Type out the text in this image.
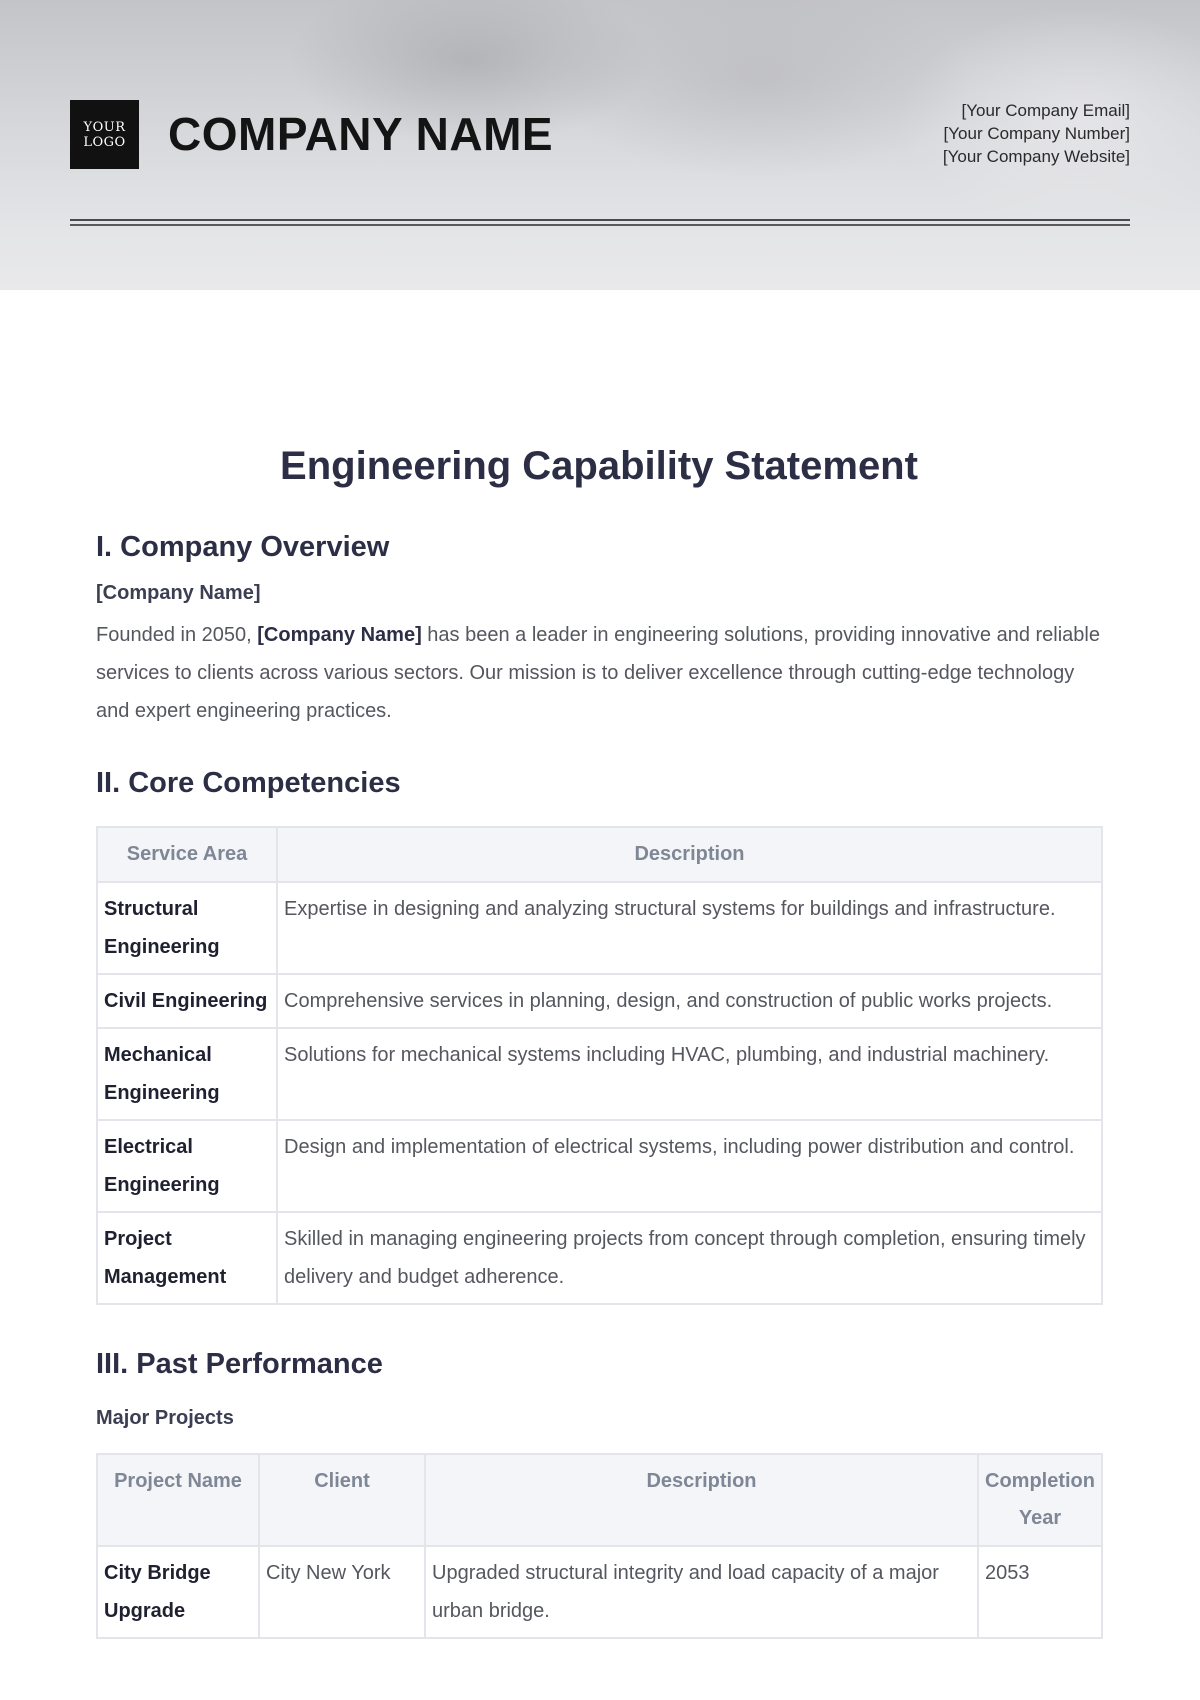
YOUR
LOGO COMPANY NAME	[Your Company Email]
[Your Company Number]
[Your Company Website]
Engineering Capability Statement
I. Company Overview
[Company Name]

Founded in 2050, [Company Name] has been a leader in engineering solutions, providing innovative and reliable services to clients across various sectors. Our mission is to deliver excellence through cutting-edge technology and expert engineering practices.

II. Core Competencies
Service Area	Description
Structural Engineering	Expertise in designing and analyzing structural systems for buildings and infrastructure.
Civil Engineering	Comprehensive services in planning, design, and construction of public works projects.
Mechanical Engineering	Solutions for mechanical systems including HVAC, plumbing, and industrial machinery.
Electrical Engineering	Design and implementation of electrical systems, including power distribution and control.
Project Management	Skilled in managing engineering projects from concept through completion, ensuring timely delivery and budget adherence.
III. Past Performance
Major Projects
Project Name	Client	Description	Completion Year
City Bridge Upgrade	City New York	Upgraded structural integrity and load capacity of a major urban bridge.	2053
